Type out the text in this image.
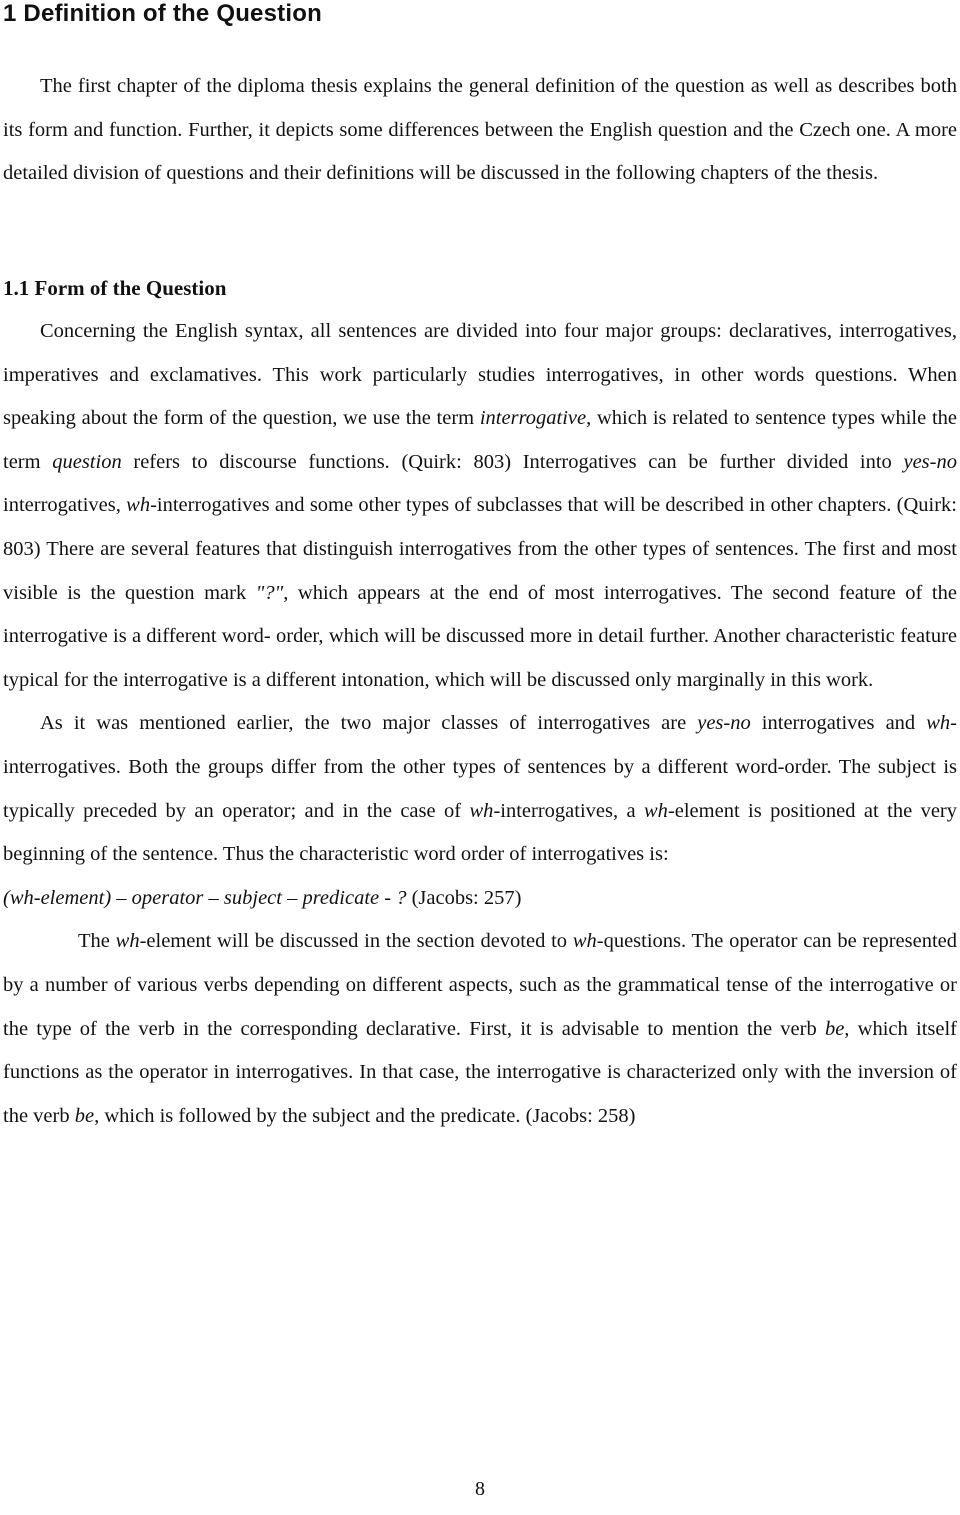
1 Definition of the Question

The first chapter of the diploma thesis explains the general definition of the question as well as describes both its form and function. Further, it depicts some differences between the English question and the Czech one. A more detailed division of questions and their definitions will be discussed in the following chapters of the thesis.

1.1 Form of the Question

Concerning the English syntax, all sentences are divided into four major groups: declaratives, interrogatives, imperatives and exclamatives. This work particularly studies interrogatives, in other words questions. When speaking about the form of the question, we use the term interrogative, which is related to sentence types while the term question refers to discourse functions. (Quirk: 803) Interrogatives can be further divided into yes-no interrogatives, wh-interrogatives and some other types of subclasses that will be described in other chapters. (Quirk: 803) There are several features that distinguish interrogatives from the other types of sentences. The first and most visible is the question mark "?", which appears at the end of most interrogatives. The second feature of the interrogative is a different word- order, which will be discussed more in detail further. Another characteristic feature typical for the interrogative is a different intonation, which will be discussed only marginally in this work.

As it was mentioned earlier, the two major classes of interrogatives are yes-no interrogatives and wh-interrogatives. Both the groups differ from the other types of sentences by a different word-order. The subject is typically preceded by an operator; and in the case of wh-interrogatives, a wh-element is positioned at the very beginning of the sentence. Thus the characteristic word order of interrogatives is:

(wh-element) – operator – subject – predicate - ? (Jacobs: 257)

The wh-element will be discussed in the section devoted to wh-questions. The operator can be represented by a number of various verbs depending on different aspects, such as the grammatical tense of the interrogative or the type of the verb in the corresponding declarative. First, it is advisable to mention the verb be, which itself functions as the operator in interrogatives. In that case, the interrogative is characterized only with the inversion of the verb be, which is followed by the subject and the predicate. (Jacobs: 258)

8
